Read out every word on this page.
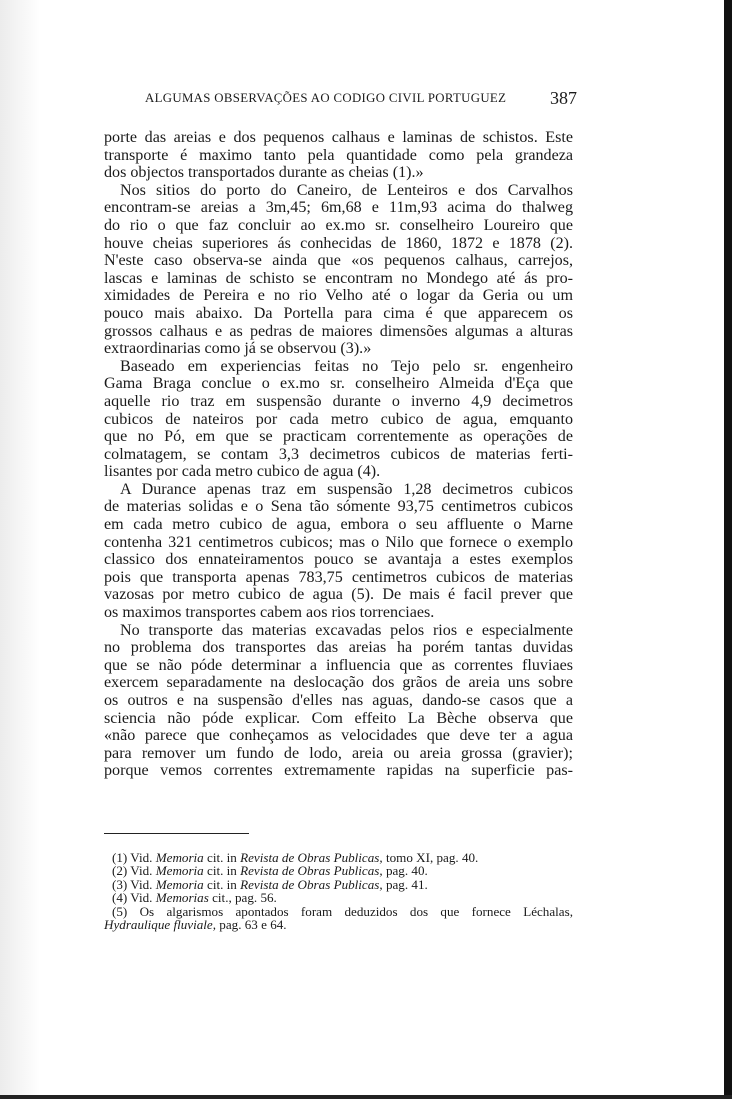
ALGUMAS OBSERVAÇÕES AO CODIGO CIVIL PORTUGUEZ 387
porte das areias e dos pequenos calhaus e laminas de schistos. Este
transporte é maximo tanto pela quantidade como pela grandeza
dos objectos transportados durante as cheias (1).»
Nos sitios do porto do Caneiro, de Lenteiros e dos Carvalhos
encontram-se areias a 3m,45; 6m,68 e 11m,93 acima do thalweg
do rio o que faz concluir ao ex.mo sr. conselheiro Loureiro que
houve cheias superiores ás conhecidas de 1860, 1872 e 1878 (2).
N'este caso observa-se ainda que «os pequenos calhaus, carrejos,
lascas e laminas de schisto se encontram no Mondego até ás pro-
ximidades de Pereira e no rio Velho até o logar da Geria ou um
pouco mais abaixo. Da Portella para cima é que apparecem os
grossos calhaus e as pedras de maiores dimensões algumas a alturas
extraordinarias como já se observou (3).»
Baseado em experiencias feitas no Tejo pelo sr. engenheiro
Gama Braga conclue o ex.mo sr. conselheiro Almeida d'Eça que
aquelle rio traz em suspensão durante o inverno 4,9 decimetros
cubicos de nateiros por cada metro cubico de agua, emquanto
que no Pó, em que se practicam correntemente as operações de
colmatagem, se contam 3,3 decimetros cubicos de materias ferti-
lisantes por cada metro cubico de agua (4).
A Durance apenas traz em suspensão 1,28 decimetros cubicos
de materias solidas e o Sena tão sómente 93,75 centimetros cubicos
em cada metro cubico de agua, embora o seu affluente o Marne
contenha 321 centimetros cubicos; mas o Nilo que fornece o exemplo
classico dos ennateiramentos pouco se avantaja a estes exemplos
pois que transporta apenas 783,75 centimetros cubicos de materias
vazosas por metro cubico de agua (5). De mais é facil prever que
os maximos transportes cabem aos rios torrenciaes.
No transporte das materias excavadas pelos rios e especialmente
no problema dos transportes das areias ha porém tantas duvidas
que se não póde determinar a influencia que as correntes fluviaes
exercem separadamente na deslocação dos grãos de areia uns sobre
os outros e na suspensão d'elles nas aguas, dando-se casos que a
sciencia não póde explicar. Com effeito La Bèche observa que
«não parece que conheçamos as velocidades que deve ter a agua
para remover um fundo de lodo, areia ou areia grossa (gravier);
porque vemos correntes extremamente rapidas na superficie pas-
(1) Vid. Memoria cit. in Revista de Obras Publicas, tomo XI, pag. 40.
(2) Vid. Memoria cit. in Revista de Obras Publicas, pag. 40.
(3) Vid. Memoria cit. in Revista de Obras Publicas, pag. 41.
(4) Vid. Memorias cit., pag. 56.
(5) Os algarismos apontados foram deduzidos dos que fornece Léchalas,
Hydraulique fluviale, pag. 63 e 64.
